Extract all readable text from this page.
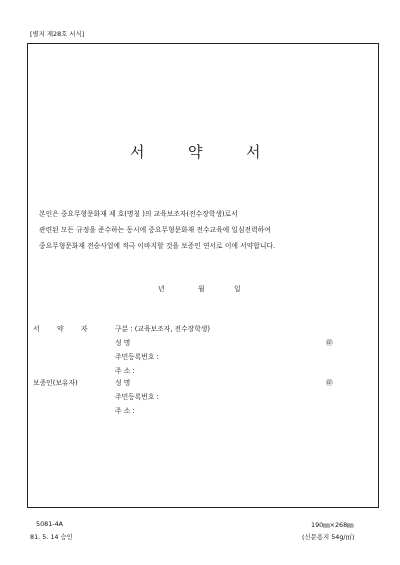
[별지 제28호 서식]
서	약	서
본인은 중요무형문화재 제 호(명칭 )의 교육보조자(전수장학생)로서
관련된 모든 규정을 준수하는 동시에 중요무형문화재 전수교육에 일심전력하여
중요무형문화재 전승사업에 적극 이바지할 것을 보증인 연서로 이에 서약합니다.
년	월	일
서	약	자	구분 : (교육보조자, 전수장학생)
성 명	㊞
주민등록번호 :
주 소 :
보증인(보유자)	성 명	㊞
주민등록번호 :
주 소 :
5081-4A
81. 5. 14 승인
190㎜×268㎜
(신문용지 54g/㎡)
